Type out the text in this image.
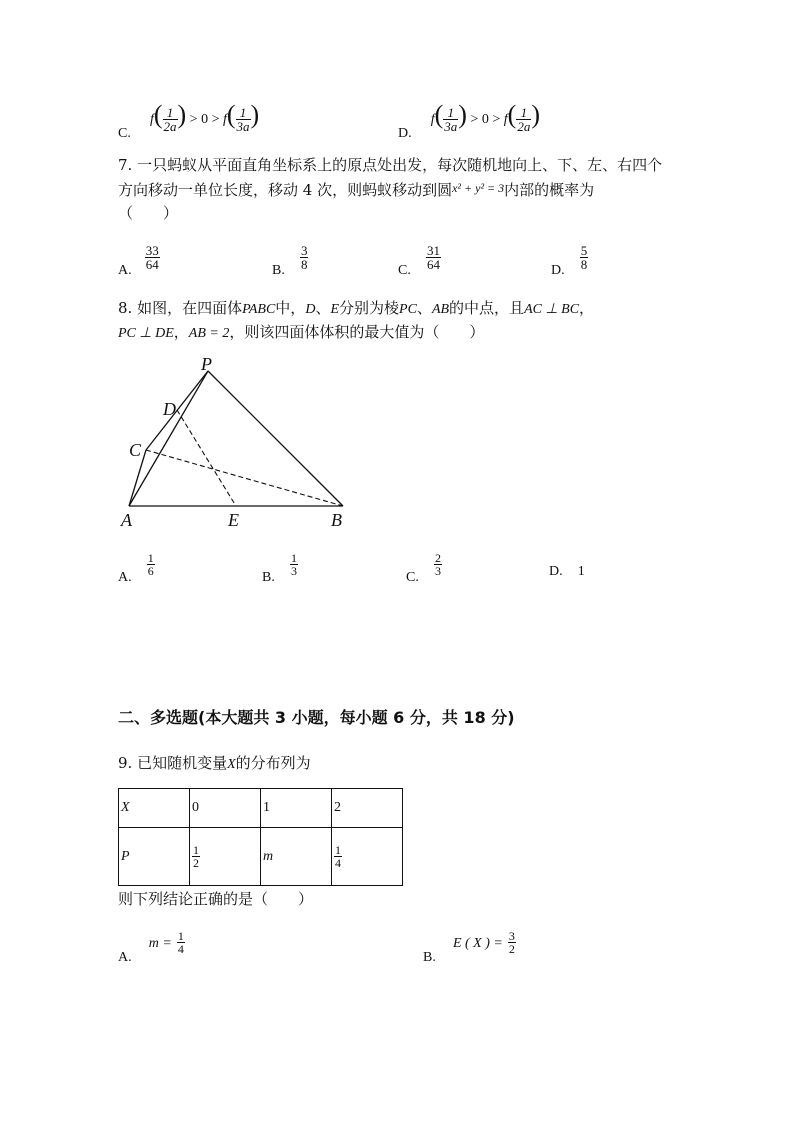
C. $f( \frac{1}{2a}$ ) > $0 > f( \frac{1}{3a}$ )
D. $f( \frac{1}{3a}$ ) > $0 > f( \frac{1}{2a}$ )
7. 一只蚂蚁从平面直角坐标系上的原点处出发，每次随机地向上、下、左、右四个
方向移动一单位长度，移动 4 次，则蚂蚁移动到圆$^{x^2 + y^2 = 3}$内部的概率为
（　　）
A. $\frac{33}{64}$	B. $\frac{3}{8}$	C. $\frac{31}{64}$	D. $\frac{5}{8}$
8. 如图，在四面体PABC中，D、E分别为棱PC、AB的中点，且AC ⊥ BC，
PC ⊥ DE，AB = 2，则该四面体体积的最大值为（　　）
P
D
C
A	E	B
A.
$\frac{1}{6}$
B.
$\frac{1}{3}$
C.
$\frac{2}{3}$	D. 1
二、多选题(本大题共 3 小题，每小题 6 分，共 18 分)
9. 已知随机变量X的分布列为
X	0	1	2
P	$\frac{1}{2}$	m	$\frac{1}{4}$
则下列结论正确的是（　　）
A. $m = \frac{1}{4}$
B. E ( X ) = $\frac{3}{2}$
